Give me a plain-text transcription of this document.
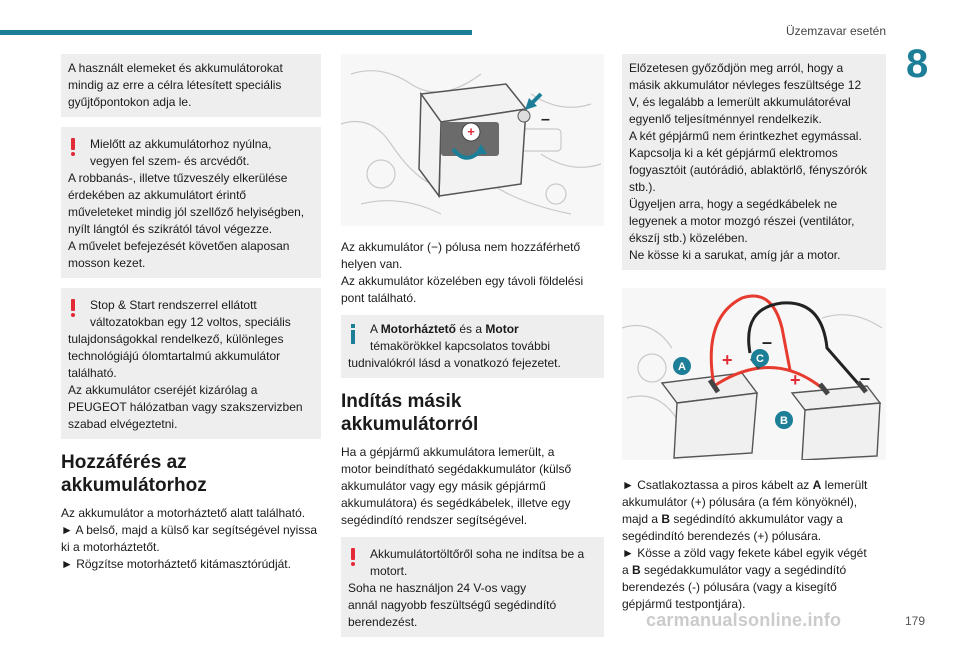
Üzemzavar esetén
8
A használt elemeket és akkumulátorokat
mindig az erre a célra létesített speciális
gyűjtőpontokon adja le.
Mielőtt az akkumulátorhoz nyúlna,
vegyen fel szem- és arcvédőt.
A robbanás-, illetve tűzveszély elkerülése
érdekében az akkumulátort érintő
műveleteket mindig jól szellőző helyiségben,
nyílt lángtól és szikrától távol végezze.
A művelet befejezését követően alaposan
mosson kezet.
Stop & Start rendszerrel ellátott
változatokban egy 12 voltos, speciális
tulajdonságokkal rendelkező, különleges
technológiájú ólomtartalmú akkumulátor
található.
Az akkumulátor cseréjét kizárólag a
PEUGEOT hálózatban vagy szakszervizben
szabad elvégeztetni.
Hozzáférés az
akkumulátorhoz
Az akkumulátor a motorháztető alatt található.
► A belső, majd a külső kar segítségével nyissa
ki a motorháztetőt.
► Rögzítse motorháztető kitámasztórúdját.
+
–
Az akkumulátor (−) pólusa nem hozzáférhető
helyen van.
Az akkumulátor közelében egy távoli földelési
pont található.
A Motorháztető és a Motor
témakörökkel kapcsolatos további
tudnivalókról lásd a vonatkozó fejezetet.
Indítás másik
akkumulátorról
Ha a gépjármű akkumulátora lemerült, a
motor beindítható segédakkumulátor (külső
akkumulátor vagy egy másik gépjármű
akkumulátora) és segédkábelek, illetve egy
segédindító rendszer segítségével.
Akkumulátortöltőről soha ne indítsa be a
motort.
Soha ne használjon 24 V-os vagy
annál nagyobb feszültségű segédindító
berendezést.
Előzetesen győződjön meg arról, hogy a
másik akkumulátor névleges feszültsége 12
V, és legalább a lemerült akkumulátoréval
egyenlő teljesítménnyel rendelkezik.
A két gépjármű nem érintkezhet egymással.
Kapcsolja ki a két gépjármű elektromos
fogyasztóit (autórádió, ablaktörlő, fényszórók
stb.).
Ügyeljen arra, hogy a segédkábelek ne
legyenek a motor mozgó részei (ventilátor,
ékszíj stb.) közelében.
Ne kösse ki a sarukat, amíg jár a motor.
+
–
+	–
A
C
B
► Csatlakoztassa a piros kábelt az A lemerült
akkumulátor (+) pólusára (a fém könyöknél),
majd a B segédindító akkumulátor vagy a
segédindító berendezés (+) pólusára.
► Kösse a zöld vagy fekete kábel egyik végét
a B segédakkumulátor vagy a segédindító
berendezés (-) pólusára (vagy a kisegítő
gépjármű testpontjára).
carmanualsonline.info	179
